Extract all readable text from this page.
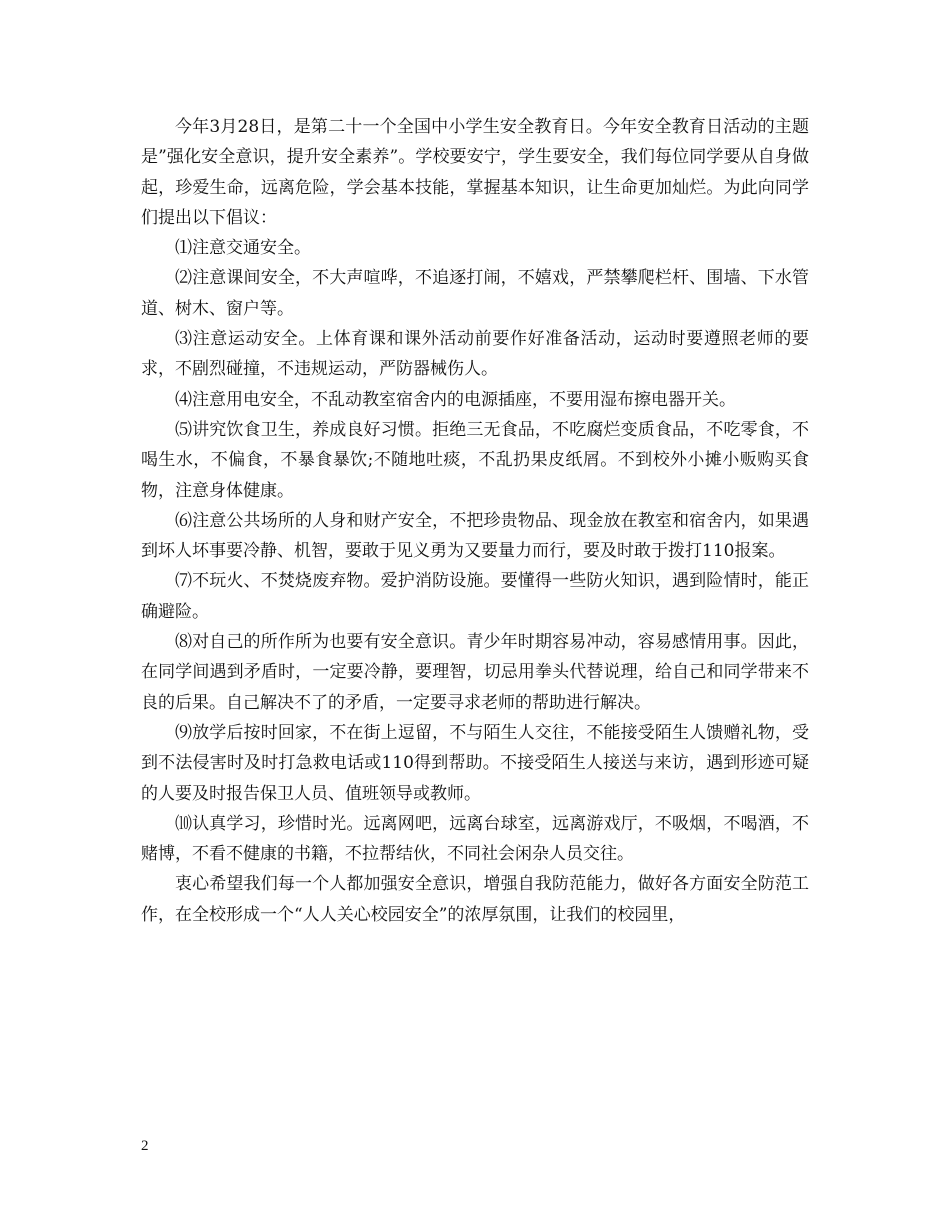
今年3月28日，是第二十一个全国中小学生安全教育日。今年安全教育日活动的主题是”强化安全意识，提升安全素养”。学校要安宁，学生要安全，我们每位同学要从自身做起，珍爱生命，远离危险，学会基本技能，掌握基本知识，让生命更加灿烂。为此向同学们提出以下倡议：

⑴注意交通安全。

⑵注意课间安全，不大声喧哗，不追逐打闹，不嬉戏，严禁攀爬栏杆、围墙、下水管道、树木、窗户等。

⑶注意运动安全。上体育课和课外活动前要作好准备活动，运动时要遵照老师的要求，不剧烈碰撞，不违规运动，严防器械伤人。

⑷注意用电安全，不乱动教室宿舍内的电源插座，不要用湿布擦电器开关。

⑸讲究饮食卫生，养成良好习惯。拒绝三无食品，不吃腐烂变质食品，不吃零食，不喝生水，不偏食，不暴食暴饮;不随地吐痰，不乱扔果皮纸屑。不到校外小摊小贩购买食物，注意身体健康。

⑹注意公共场所的人身和财产安全，不把珍贵物品、现金放在教室和宿舍内，如果遇到坏人坏事要冷静、机智，要敢于见义勇为又要量力而行，要及时敢于拨打110报案。

⑺不玩火、不焚烧废弃物。爱护消防设施。要懂得一些防火知识，遇到险情时，能正确避险。

⑻对自己的所作所为也要有安全意识。青少年时期容易冲动，容易感情用事。因此，在同学间遇到矛盾时，一定要冷静，要理智，切忌用拳头代替说理，给自己和同学带来不良的后果。自己解决不了的矛盾，一定要寻求老师的帮助进行解决。

⑼放学后按时回家，不在街上逗留，不与陌生人交往，不能接受陌生人馈赠礼物，受到不法侵害时及时打急救电话或110得到帮助。不接受陌生人接送与来访，遇到形迹可疑的人要及时报告保卫人员、值班领导或教师。

⑽认真学习，珍惜时光。远离网吧，远离台球室，远离游戏厅，不吸烟，不喝酒，不赌博，不看不健康的书籍，不拉帮结伙，不同社会闲杂人员交往。

衷心希望我们每一个人都加强安全意识，增强自我防范能力，做好各方面安全防范工作，在全校形成一个“人人关心校园安全”的浓厚氛围，让我们的校园里，

2
